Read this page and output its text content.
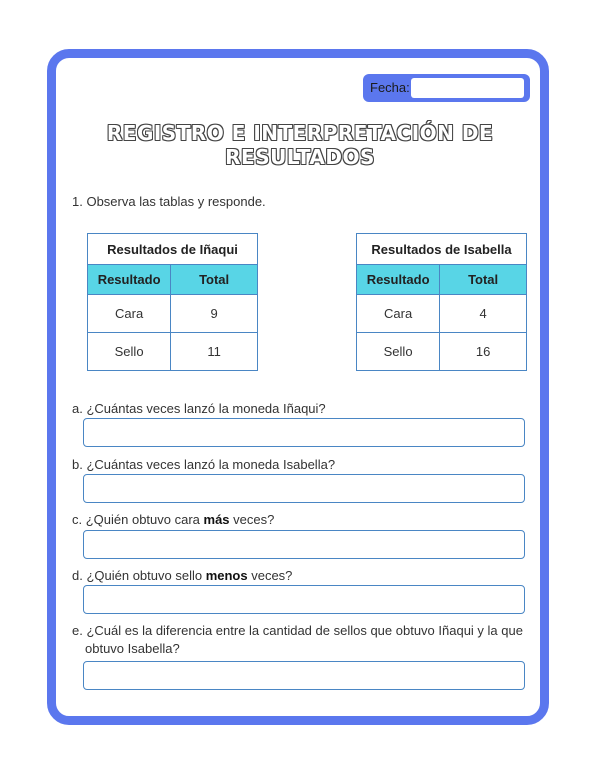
Fecha:
REGISTRO E INTERPRETACIÓN DE
RESULTADOS
1. Observa las tablas y responde.
Resultados de Iñaqui	
Resultado	Total
Cara	9
Sello	11
Resultados de Isabella	
Resultado	Total
Cara	4
Sello	16
a. ¿Cuántas veces lanzó la moneda Iñaqui?
b. ¿Cuántas veces lanzó la moneda Isabella?
c. ¿Quién obtuvo cara más veces?
d. ¿Quién obtuvo sello menos veces?
e. ¿Cuál es la diferencia entre la cantidad de sellos que obtuvo Iñaqui y la que
obtuvo Isabella?
